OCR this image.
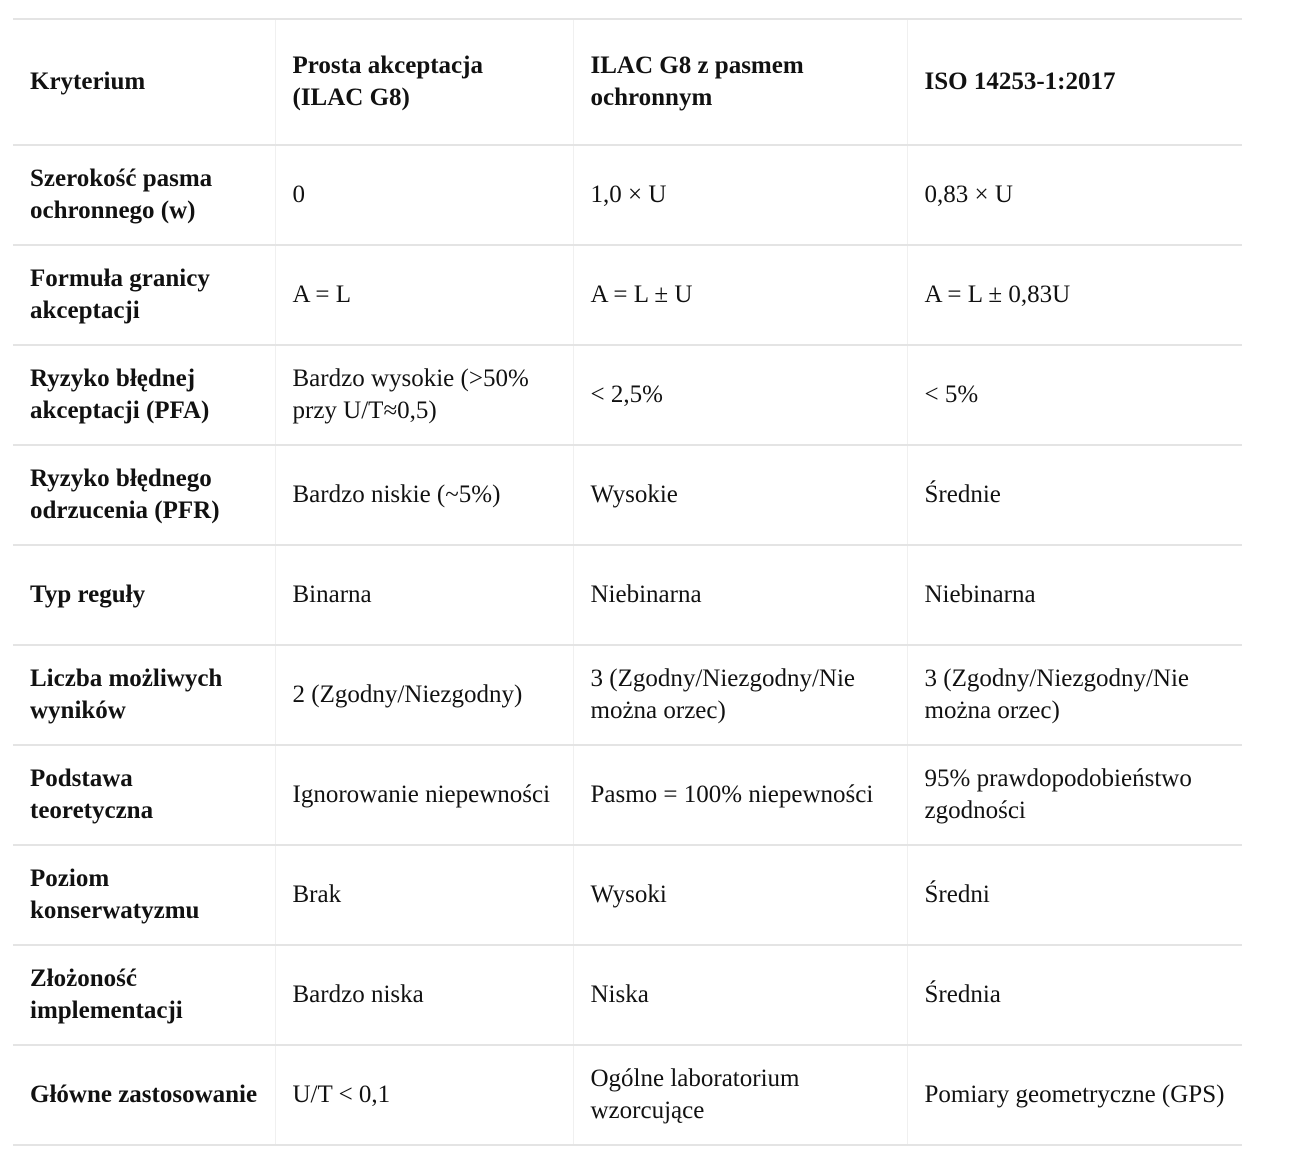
Kryterium	Prosta akceptacja (ILAC G8)	ILAC G8 z pasmem ochronnym	ISO 14253-1:2017
Szerokość pasma ochronnego (w)	0	1,0 × U	0,83 × U
Formuła granicy akceptacji	A = L	A = L ± U	A = L ± 0,83U
Ryzyko błędnej akceptacji (PFA)	Bardzo wysokie (>50% przy U/T≈0,5)	< 2,5%	< 5%
Ryzyko błędnego odrzucenia (PFR)	Bardzo niskie (~5%)	Wysokie	Średnie
Typ reguły	Binarna	Niebinarna	Niebinarna
Liczba możliwych wyników	2 (Zgodny/Niezgodny)	3 (Zgodny/Niezgodny/Nie można orzec)	3 (Zgodny/Niezgodny/Nie można orzec)
Podstawa teoretyczna	Ignorowanie niepewności	Pasmo = 100% niepewności	95% prawdopodobieństwo zgodności
Poziom konserwatyzmu	Brak	Wysoki	Średni
Złożoność implementacji	Bardzo niska	Niska	Średnia
Główne zastosowanie	U/T < 0,1	Ogólne laboratorium wzorcujące	Pomiary geometryczne (GPS)
